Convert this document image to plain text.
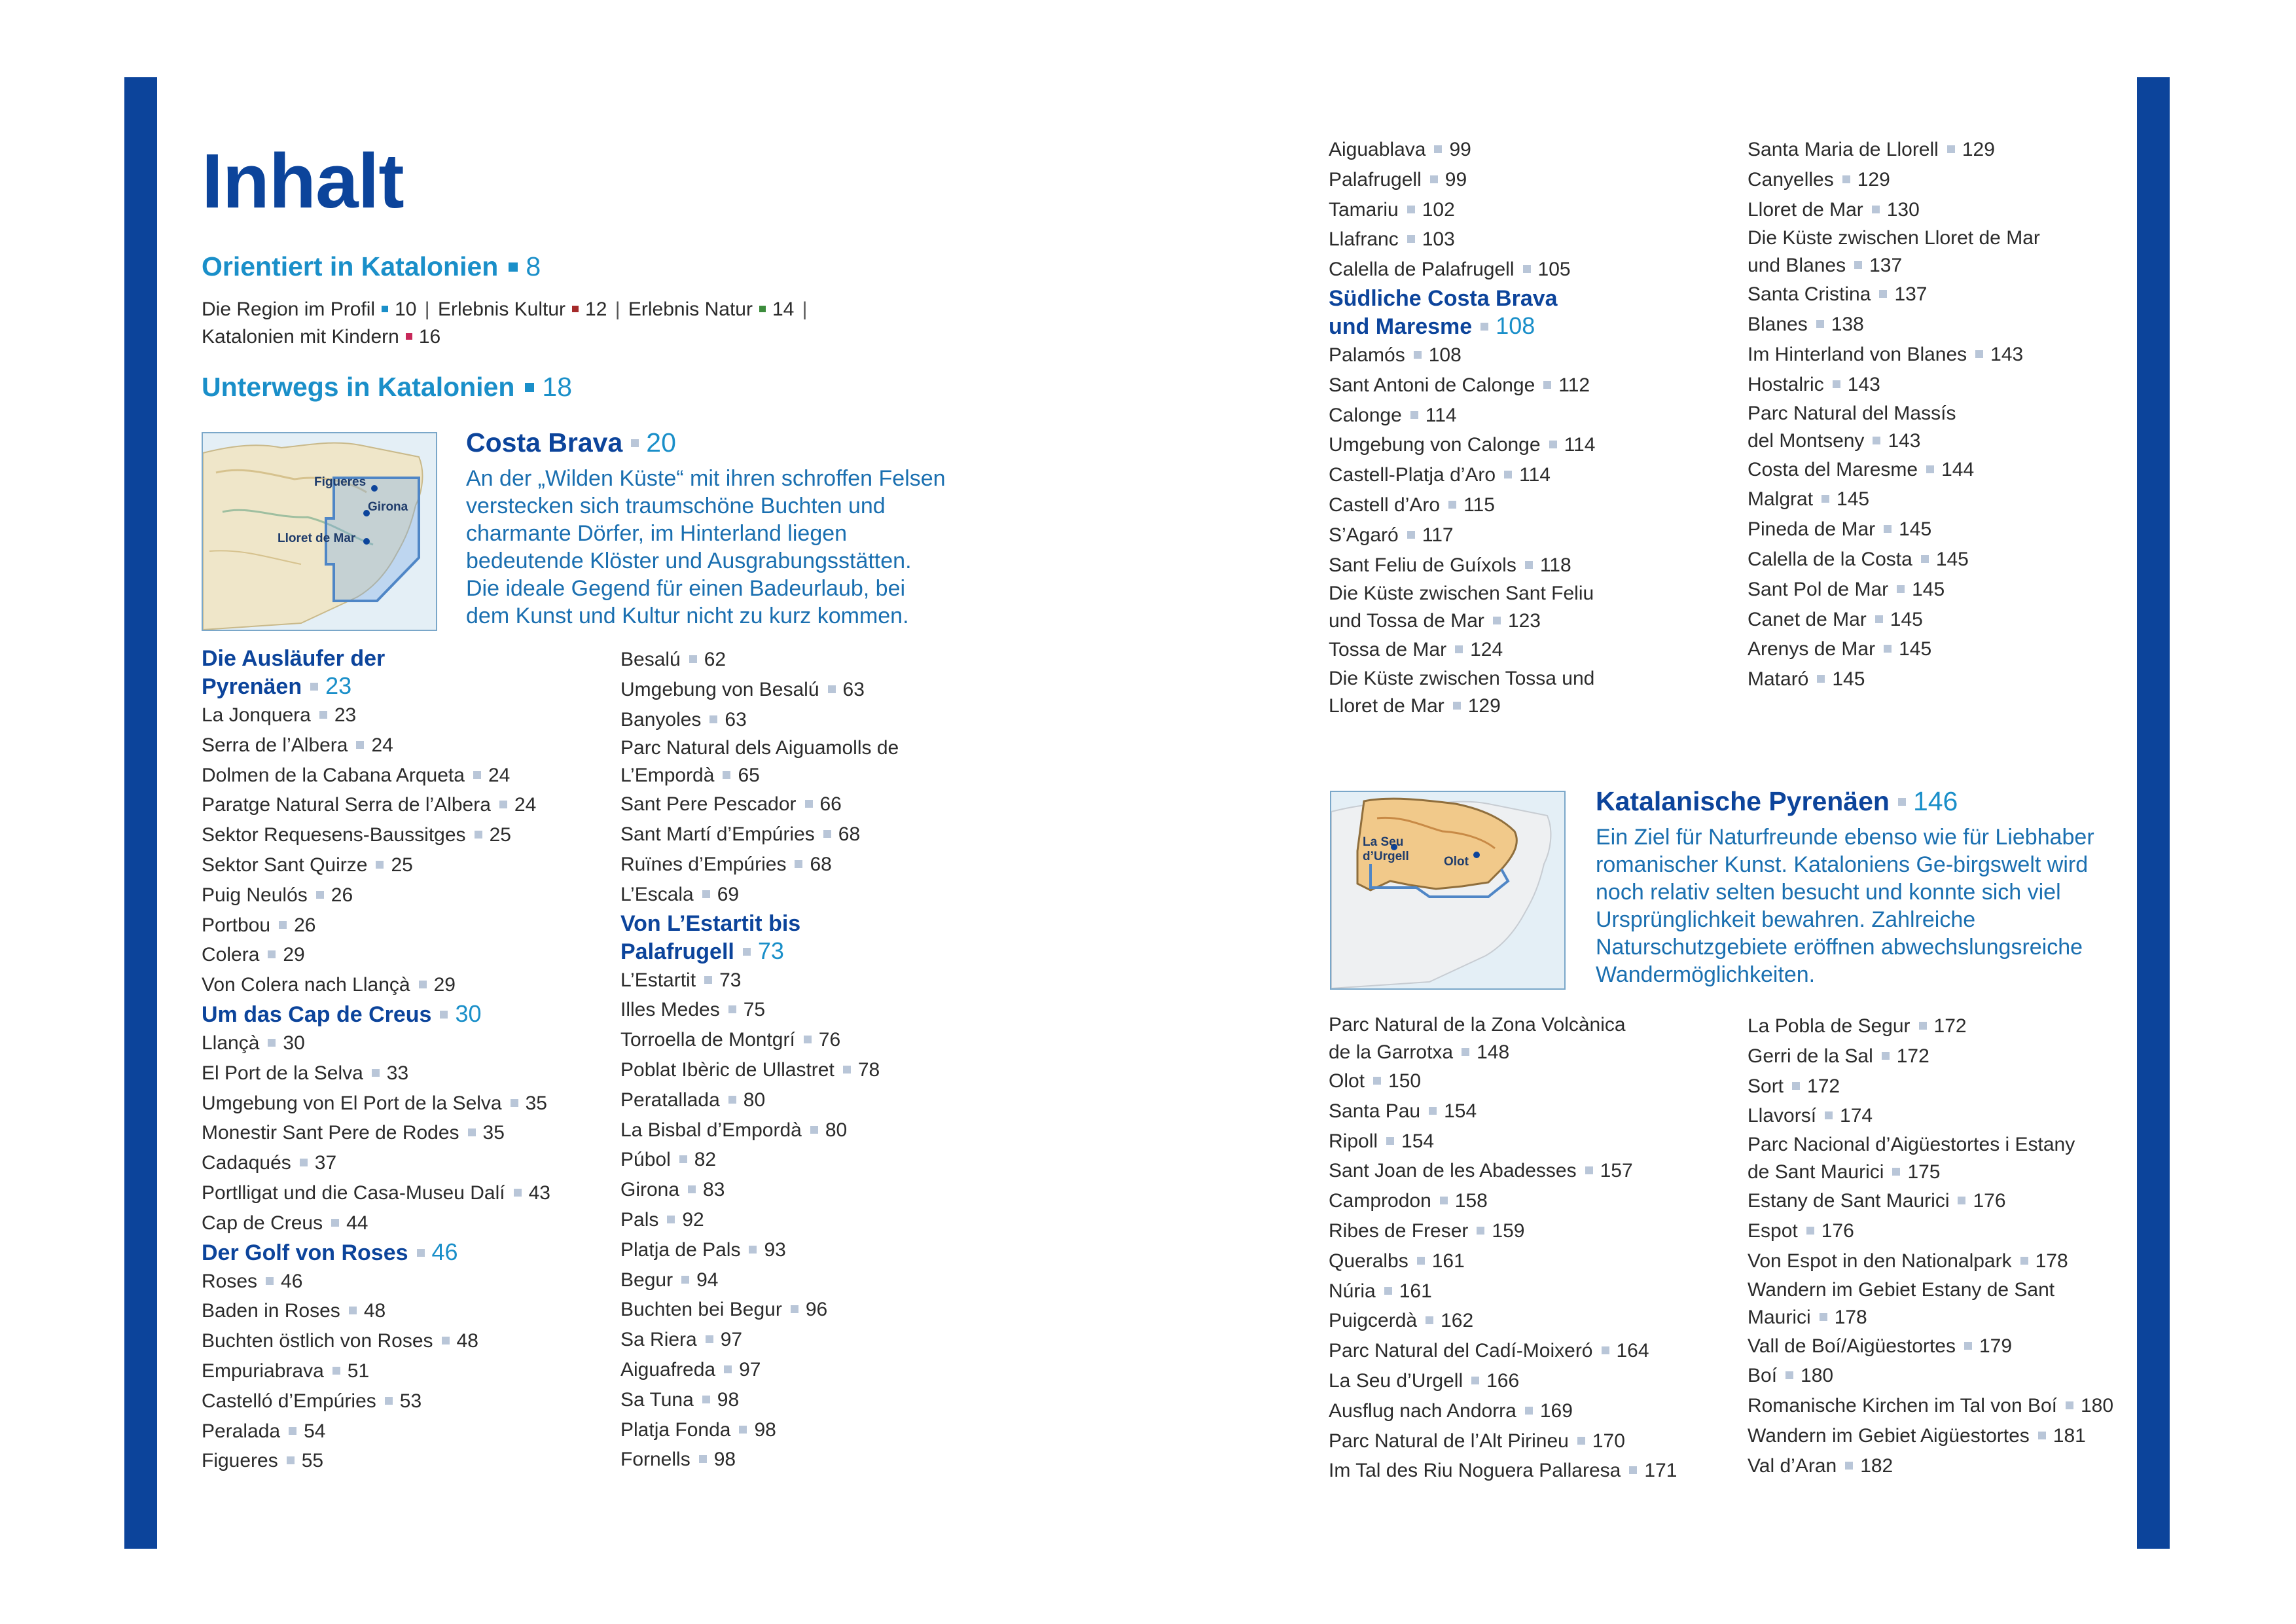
Inhalt
Orientiert in Katalonien 8
Die Region im Profil 10 | Erlebnis Kultur 12 | Erlebnis Natur 14 |
Katalonien mit Kindern 16
Unterwegs in Katalonien 18
Figueres
Girona
Lloret de Mar
Costa Brava 20
An der „Wilden Küste“ mit ihren schroffen Felsen verstecken sich traumschöne Buchten und charmante Dörfer, im Hinterland liegen bedeutende Klöster und Ausgrabungsstätten. Die ideale Gegend für einen Badeurlaub, bei dem Kunst und Kultur nicht zu kurz kommen.
La Seu d’Urgell	Olot
Katalanische Pyrenäen 146
Ein Ziel für Naturfreunde ebenso wie für Liebhaber romanischer Kunst. Kataloniens Ge-birgswelt wird noch relativ selten besucht und konnte sich viel Ursprünglichkeit bewahren. Zahlreiche Naturschutzgebiete eröffnen abwechslungsreiche Wandermöglichkeiten.
Die Ausläufer der
Pyrenäen 23
La Jonquera 23
Serra de l’Albera 24
Dolmen de la Cabana Arqueta 24
Paratge Natural Serra de l’Albera 24
Sektor Requesens-Baussitges 25
Sektor Sant Quirze 25
Puig Neulós 26
Portbou 26
Colera 29
Von Colera nach Llançà 29
Um das Cap de Creus 30
Llançà 30
El Port de la Selva 33
Umgebung von El Port de la Selva 35
Monestir Sant Pere de Rodes 35
Cadaqués 37
Portlligat und die Casa-Museu Dalí 43
Cap de Creus 44
Der Golf von Roses 46
Roses 46
Baden in Roses 48
Buchten östlich von Roses 48
Empuriabrava 51
Castelló d’Empúries 53
Peralada 54
Figueres 55
Besalú 62
Umgebung von Besalú 63
Banyoles 63
Parc Natural dels Aiguamolls de
L’Empordà 65
Sant Pere Pescador 66
Sant Martí d’Empúries 68
Ruïnes d’Empúries 68
L’Escala 69
Von L’Estartit bis
Palafrugell 73
L’Estartit 73
Illes Medes 75
Torroella de Montgrí 76
Poblat Ibèric de Ullastret 78
Peratallada 80
La Bisbal d’Empordà 80
Púbol 82
Girona 83
Pals 92
Platja de Pals 93
Begur 94
Buchten bei Begur 96
Sa Riera 97
Aiguafreda 97
Sa Tuna 98
Platja Fonda 98
Fornells 98
Aiguablava 99
Palafrugell 99
Tamariu 102
Llafranc 103
Calella de Palafrugell 105
Südliche Costa Brava
und Maresme 108
Palamós 108
Sant Antoni de Calonge 112
Calonge 114
Umgebung von Calonge 114
Castell-Platja d’Aro 114
Castell d’Aro 115
S’Agaró 117
Sant Feliu de Guíxols 118
Die Küste zwischen Sant Feliu
und Tossa de Mar 123
Tossa de Mar 124
Die Küste zwischen Tossa und
Lloret de Mar 129
Santa Maria de Llorell 129
Canyelles 129
Lloret de Mar 130
Die Küste zwischen Lloret de Mar
und Blanes 137
Santa Cristina 137
Blanes 138
Im Hinterland von Blanes 143
Hostalric 143
Parc Natural del Massís
del Montseny 143
Costa del Maresme 144
Malgrat 145
Pineda de Mar 145
Calella de la Costa 145
Sant Pol de Mar 145
Canet de Mar 145
Arenys de Mar 145
Mataró 145
Parc Natural de la Zona Volcànica
de la Garrotxa 148
Olot 150
Santa Pau 154
Ripoll 154
Sant Joan de les Abadesses 157
Camprodon 158
Ribes de Freser 159
Queralbs 161
Núria 161
Puigcerdà 162
Parc Natural del Cadí-Moixeró 164
La Seu d’Urgell 166
Ausflug nach Andorra 169
Parc Natural de l’Alt Pirineu 170
Im Tal des Riu Noguera Pallaresa 171
La Pobla de Segur 172
Gerri de la Sal 172
Sort 172
Llavorsí 174
Parc Nacional d’Aigüestortes i Estany
de Sant Maurici 175
Estany de Sant Maurici 176
Espot 176
Von Espot in den Nationalpark 178
Wandern im Gebiet Estany de Sant
Maurici 178
Vall de Boí/Aigüestortes 179
Boí 180
Romanische Kirchen im Tal von Boí 180
Wandern im Gebiet Aigüestortes 181
Val d’Aran 182
